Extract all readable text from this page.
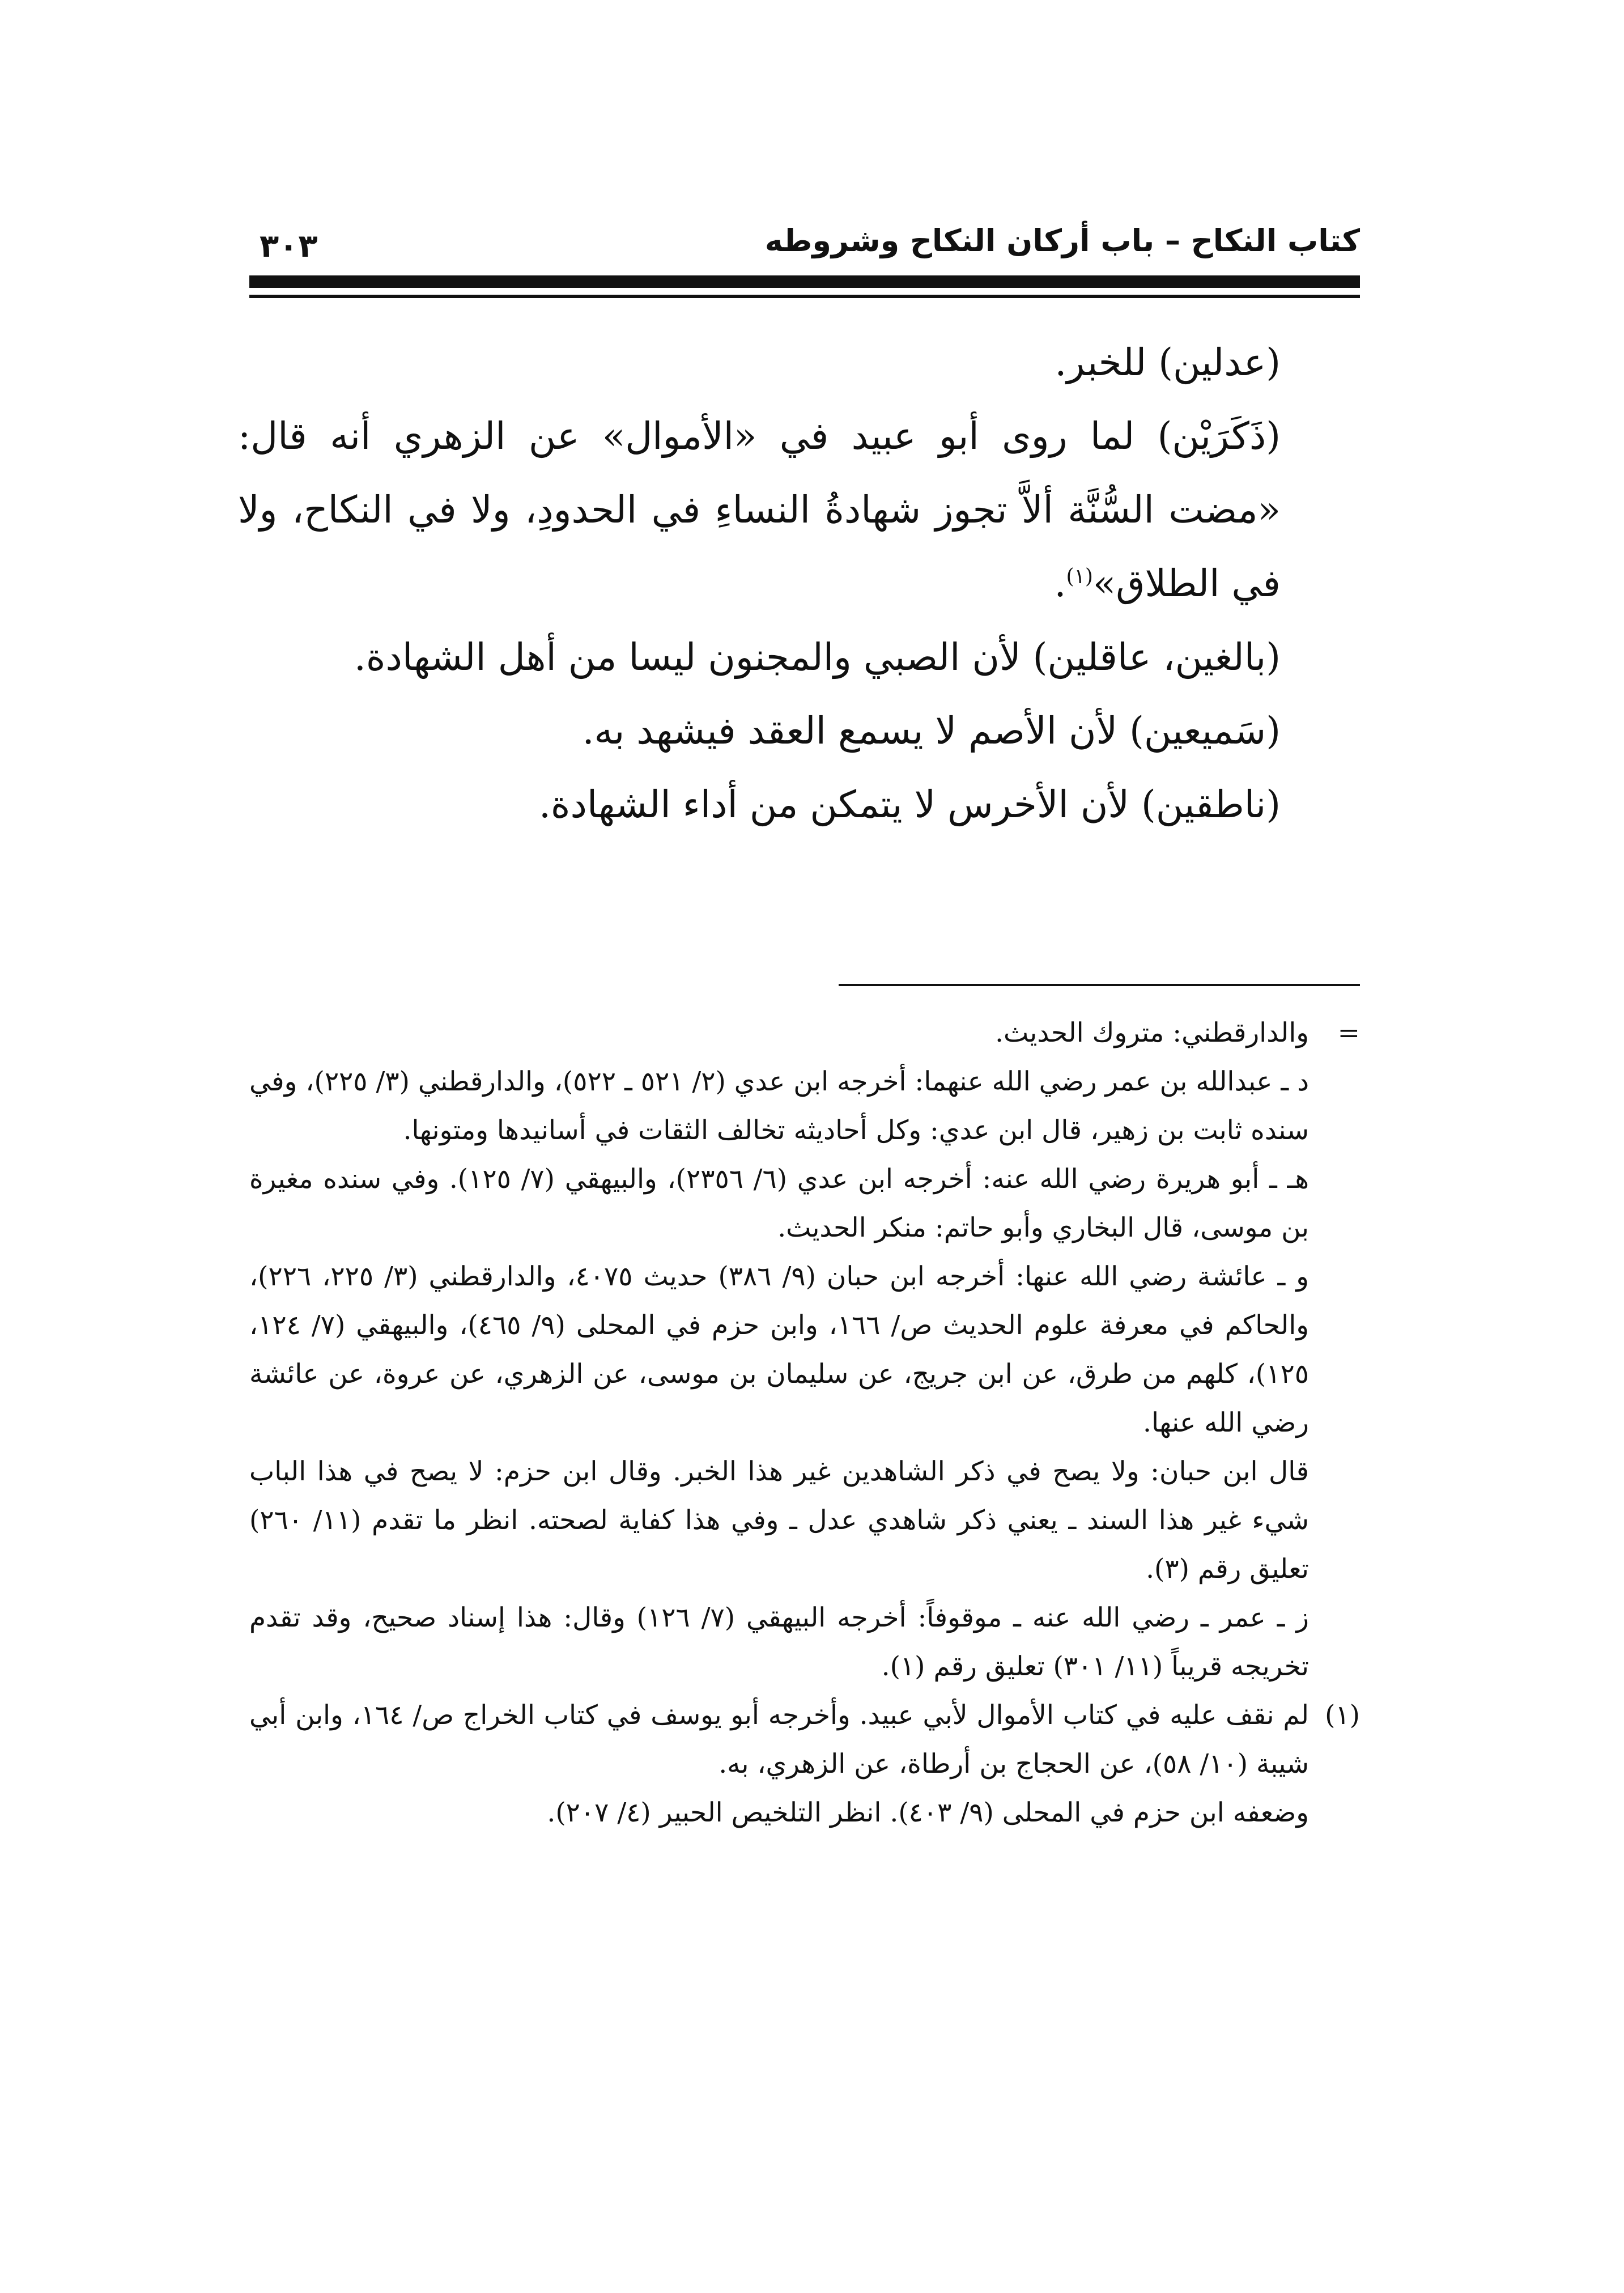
كتاب النكاح – باب أركان النكاح وشروطه
٣٠٣

(عدلين) للخبر.

(ذَكَرَيْن) لما روى أبو عبيد في «الأموال» عن الزهري أنه قال: «مضت السُّنَّة ألاَّ تجوز شهادةُ النساءِ في الحدودِ، ولا في النكاح، ولا في الطلاق»$^{(١)}$.

(بالغين، عاقلين) لأن الصبي والمجنون ليسا من أهل الشهادة.

(سَميعين) لأن الأصم لا يسمع العقد فيشهد به.

(ناطقين) لأن الأخرس لا يتمكن من أداء الشهادة.

=

والدارقطني: متروك الحديث.

د ـ عبدالله بن عمر رضي الله عنهما: أخرجه ابن عدي (٢/ ٥٢١ ـ ٥٢٢)، والدارقطني (٣/ ٢٢٥)، وفي سنده ثابت بن زهير، قال ابن عدي: وكل أحاديثه تخالف الثقات في أسانيدها ومتونها.

هـ ـ أبو هريرة رضي الله عنه: أخرجه ابن عدي (٦/ ٢٣٥٦)، والبيهقي (٧/ ١٢٥). وفي سنده مغيرة بن موسى، قال البخاري وأبو حاتم: منكر الحديث.

و ـ عائشة رضي الله عنها: أخرجه ابن حبان (٩/ ٣٨٦) حديث ٤٠٧٥، والدارقطني (٣/ ٢٢٥، ٢٢٦)، والحاكم في معرفة علوم الحديث ص/ ١٦٦، وابن حزم في المحلى (٩/ ٤٦٥)، والبيهقي (٧/ ١٢٤، ١٢٥)، كلهم من طرق، عن ابن جريج، عن سليمان بن موسى، عن الزهري، عن عروة، عن عائشة رضي الله عنها.

قال ابن حبان: ولا يصح في ذكر الشاهدين غير هذا الخبر. وقال ابن حزم: لا يصح في هذا الباب شيء غير هذا السند ـ يعني ذكر شاهدي عدل ـ وفي هذا كفاية لصحته. انظر ما تقدم (١١/ ٢٦٠) تعليق رقم (٣).

ز ـ عمر ـ رضي الله عنه ـ موقوفاً: أخرجه البيهقي (٧/ ١٢٦) وقال: هذا إسناد صحيح، وقد تقدم تخريجه قريباً (١١/ ٣٠١) تعليق رقم (١).

(١)

لم نقف عليه في كتاب الأموال لأبي عبيد. وأخرجه أبو يوسف في كتاب الخراج ص/ ١٦٤، وابن أبي شيبة (١٠/ ٥٨)، عن الحجاج بن أرطاة، عن الزهري، به.

وضعفه ابن حزم في المحلى (٩/ ٤٠٣). انظر التلخيص الحبير (٤/ ٢٠٧).
